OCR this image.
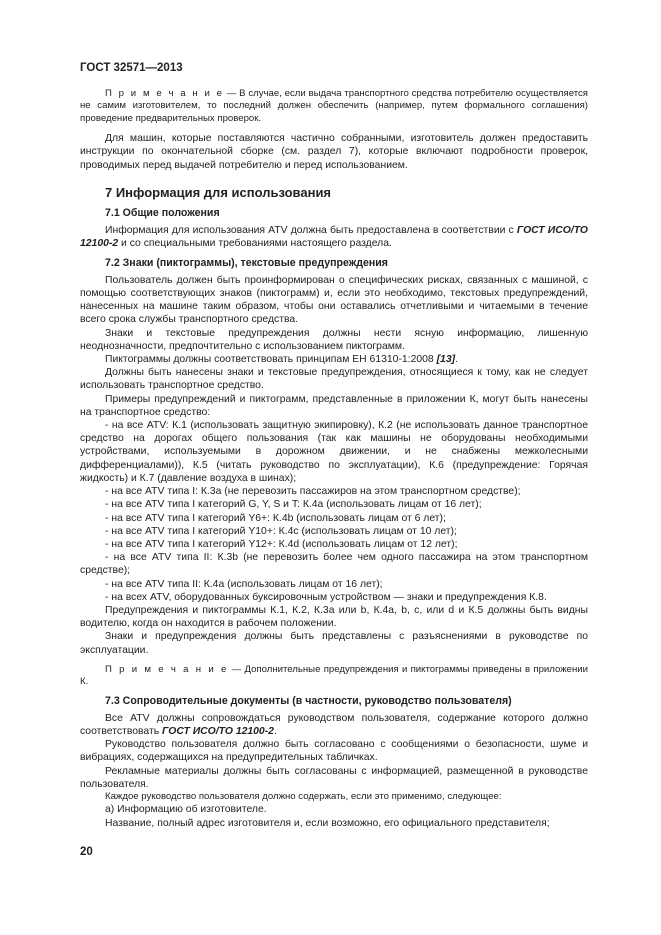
ГОСТ 32571—2013

П р и м е ч а н и е — В случае, если выдача транспортного средства потребителю осуществляется не самим изготовителем, то последний должен обеспечить (например, путем формального соглашения) проведение предварительных проверок.

Для машин, которые поставляются частично собранными, изготовитель должен предоставить инструкции по окончательной сборке (см. раздел 7), которые включают подробности проверок, проводимых перед выдачей потребителю и перед использованием.

7 Информация для использования
7.1 Общие положения

Информация для использования ATV должна быть предоставлена в соответствии с ГОСТ ИСО/ТО 12100-2 и со специальными требованиями настоящего раздела.

7.2 Знаки (пиктограммы), текстовые предупреждения

Пользователь должен быть проинформирован о специфических рисках, связанных с машиной, с помощью соответствующих знаков (пиктограмм) и, если это необходимо, текстовых предупреждений, нанесенных на машине таким образом, чтобы они оставались отчетливыми и читаемыми в течение всего срока службы транспортного средства.

Знаки и текстовые предупреждения должны нести ясную информацию, лишенную неоднозначности, предпочтительно с использованием пиктограмм.

Пиктограммы должны соответствовать принципам ЕН 61310-1:2008 [13].

Должны быть нанесены знаки и текстовые предупреждения, относящиеся к тому, как не следует использовать транспортное средство.

Примеры предупреждений и пиктограмм, представленные в приложении К, могут быть нанесены на транспортное средство:

- на все ATV: К.1 (использовать защитную экипировку), К.2 (не использовать данное транспортное средство на дорогах общего пользования (так как машины не оборудованы необходимыми устройствами, используемыми в дорожном движении, и не снабжены межколесными дифференциалами)), К.5 (читать руководство по эксплуатации), К.6 (предупреждение: Горячая жидкость) и К.7 (давление воздуха в шинах);

- на все ATV типа I: К.3а (не перевозить пассажиров на этом транспортном средстве);

- на все ATV типа I категорий G, Y, S и T: К.4а (использовать лицам от 16 лет);

- на все ATV типа I категорий Y6+: К.4b (использовать лицам от 6 лет);

- на все ATV типа I категорий Y10+: К.4с (использовать лицам от 10 лет);

- на все ATV типа I категорий Y12+: К.4d (использовать лицам от 12 лет);

- на все ATV типа II: К.3b (не перевозить более чем одного пассажира на этом транспортном средстве);

- на все ATV типа II: К.4а (использовать лицам от 16 лет);

- на всех ATV, оборудованных буксировочным устройством — знаки и предупреждения К.8.

Предупреждения и пиктограммы К.1, К.2, К.3а или b, К.4а, b, с, или d и К.5 должны быть видны водителю, когда он находится в рабочем положении.

Знаки и предупреждения должны быть представлены с разъяснениями в руководстве по эксплуатации.

П р и м е ч а н и е — Дополнительные предупреждения и пиктограммы приведены в приложении К.

7.3 Сопроводительные документы (в частности, руководство пользователя)

Все ATV должны сопровождаться руководством пользователя, содержание которого должно соответствовать ГОСТ ИСО/ТО 12100-2.

Руководство пользователя должно быть согласовано с сообщениями о безопасности, шуме и вибрациях, содержащихся на предупредительных табличках.

Рекламные материалы должны быть согласованы с информацией, размещенной в руководстве пользователя.

Каждое руководство пользователя должно содержать, если это применимо, следующее:

а) Информацию об изготовителе.

Название, полный адрес изготовителя и, если возможно, его официального представителя;

20
